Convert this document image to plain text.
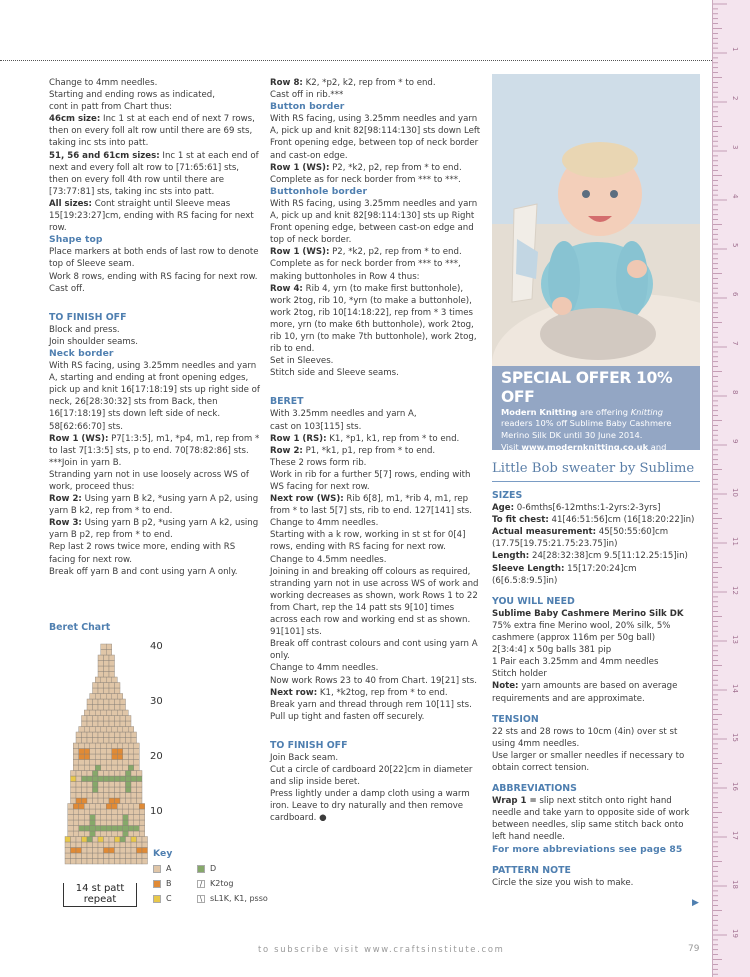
1
2
3
4
5
6
7
8
9
10
11
12
13
14
15
16
17
18
19

Change to 4mm needles.

Starting and ending rows as indicated,

cont in patt from Chart thus:

46cm size: Inc 1 st at each end of next 7 rows, then on every foll alt row until there are 69 sts, taking inc sts into patt.

51, 56 and 61cm sizes: Inc 1 st at each end of next and every foll alt row to [71:65:61] sts, then on every foll 4th row until there are [73:77:81] sts, taking inc sts into patt.

All sizes: Cont straight until Sleeve meas 15[19:23:27]cm, ending with RS facing for next row.

Shape top

Place markers at both ends of last row to denote top of Sleeve seam.

Work 8 rows, ending with RS facing for next row.

Cast off.

TO FINISH OFF

Block and press.

Join shoulder seams.

Neck border

With RS facing, using 3.25mm needles and yarn A, starting and ending at front opening edges, pick up and knit 16[17:18:19] sts up right side of neck, 26[28:30:32] sts from Back, then 16[17:18:19] sts down left side of neck. 58[62:66:70] sts.

Row 1 (WS): P7[1:3:5], m1, *p4, m1, rep from * to last 7[1:3:5] sts, p to end. 70[78:82:86] sts.

***Join in yarn B.

Stranding yarn not in use loosely across WS of work, proceed thus:

Row 2: Using yarn B k2, *using yarn A p2, using yarn B k2, rep from * to end.

Row 3: Using yarn B p2, *using yarn A k2, using yarn B p2, rep from * to end.

Rep last 2 rows twice more, ending with RS facing for next row.

Break off yarn B and cont using yarn A only.

Row 8: K2, *p2, k2, rep from * to end.

Cast off in rib.***

Button border

With RS facing, using 3.25mm needles and yarn A, pick up and knit 82[98:114:130] sts down Left Front opening edge, between top of neck border and cast-on edge.

Row 1 (WS): P2, *k2, p2, rep from * to end.

Complete as for neck border from *** to ***.

Buttonhole border

With RS facing, using 3.25mm needles and yarn A, pick up and knit 82[98:114:130] sts up Right Front opening edge, between cast-on edge and top of neck border.

Row 1 (WS): P2, *k2, p2, rep from * to end.

Complete as for neck border from *** to ***, making buttonholes in Row 4 thus:

Row 4: Rib 4, yrn (to make first buttonhole), work 2tog, rib 10, *yrn (to make a buttonhole), work 2tog, rib 10[14:18:22], rep from * 3 times more, yrn (to make 6th buttonhole), work 2tog, rib 10, yrn (to make 7th buttonhole), work 2tog, rib to end.

Set in Sleeves.

Stitch side and Sleeve seams.

BERET

With 3.25mm needles and yarn A,

cast on 103[115] sts.

Row 1 (RS): K1, *p1, k1, rep from * to end.

Row 2: P1, *k1, p1, rep from * to end.

These 2 rows form rib.

Work in rib for a further 5[7] rows, ending with WS facing for next row.

Next row (WS): Rib 6[8], m1, *rib 4, m1, rep from * to last 5[7] sts, rib to end. 127[141] sts.

Change to 4mm needles.

Starting with a k row, working in st st for 0[4] rows, ending with RS facing for next row.

Change to 4.5mm needles.

Joining in and breaking off colours as required, stranding yarn not in use across WS of work and working decreases as shown, work Rows 1 to 22 from Chart, rep the 14 patt sts 9[10] times across each row and working end st as shown. 91[101] sts.

Break off contrast colours and cont using yarn A only.

Change to 4mm needles.

Now work Rows 23 to 40 from Chart. 19[21] sts.

Next row: K1, *k2tog, rep from * to end.

Break yarn and thread through rem 10[11] sts. Pull up tight and fasten off securely.

TO FINISH OFF

Join Back seam.

Cut a circle of cardboard 20[22]cm in diameter and slip inside beret.

Press lightly under a damp cloth using a warm iron. Leave to dry naturally and then remove cardboard. ●

SPECIAL OFFER 10% OFF
Modern Knitting are offering Knitting readers 10% off Sublime Baby Cashmere Merino Silk DK until 30 June 2014.
Visit www.modernknitting.co.uk and quote KN129 to receive your discount.
Little Bob sweater by Sublime

SIZES

Age: 0-6mths[6-12mths:1-2yrs:2-3yrs]

To fit chest: 41[46:51:56]cm (16[18:20:22]in)

Actual measurement: 45[50:55:60]cm (17.75[19.75:21.75:23.75]in)

Length: 24[28:32:38]cm 9.5[11:12.25:15]in)

Sleeve Length: 15[17:20:24]cm (6[6.5:8:9.5]in)

YOU WILL NEED

Sublime Baby Cashmere Merino Silk DK

75% extra fine Merino wool, 20% silk, 5% cashmere (approx 116m per 50g ball)

2[3:4:4] x 50g balls 381 pip

1 Pair each 3.25mm and 4mm needles

Stitch holder

Note: yarn amounts are based on average requirements and are approximate.

TENSION

22 sts and 28 rows to 10cm (4in) over st st using 4mm needles.

Use larger or smaller needles if necessary to obtain correct tension.

ABBREVIATIONS

Wrap 1 = slip next stitch onto right hand needle and take yarn to opposite side of work between needles, slip same stitch back onto left hand needle.

For more abbreviations see page 85

PATTERN NOTE

Circle the size you wish to make.

Beret Chart
40
30
20
10
14 st patt repeat
Key
A	D
B	/ K2tog
C	\ sL1K, K1, psso	▶
to subscribe visit www.craftsinstitute.com	79
